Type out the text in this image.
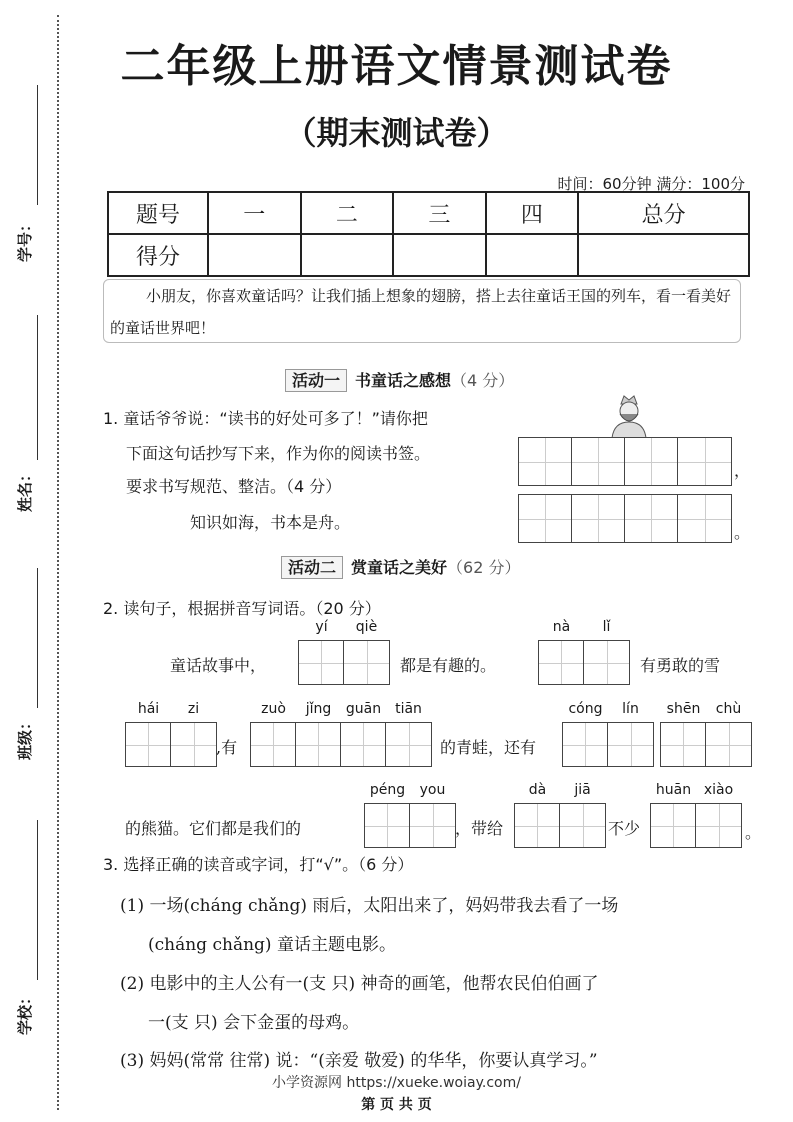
学号：
姓名：
班级：
学校：
二年级上册语文情景测试卷
（期末测试卷）
时间：60分钟 满分：100分
题号	一	二	三	四	总分
得分					
小朋友，你喜欢童话吗？让我们插上想象的翅膀，搭上去往童话王国的列车，看一看美好的童话世界吧！
活动一 书童话之感想（4 分）
1. 童话爷爷说：“读书的好处可多了！”请你把
下面这句话抄写下来，作为你的阅读书签。
要求书写规范、整洁。（4 分）
知识如海，书本是舟。
，
。
活动二 赏童话之美好（62 分）
2. 读句子，根据拼音写词语。（20 分）
童话故事中，	都是有趣的。	有勇敢的雪
,有	的青蛙，还有
的熊猫。它们都是我们的	，带给	不少	。
yí	qiè	nà	lǐ
hái	zi	zuò	jǐng	guān tiān	cóng	lín	shēn	chù
péng	you	dà	jiā	huān xiào
3. 选择正确的读音或字词，打“√”。（6 分）
(1) 一场(cháng chǎng) 雨后，太阳出来了，妈妈带我去看了一场
(cháng chǎng) 童话主题电影。
(2) 电影中的主人公有一(支 只) 神奇的画笔，他帮农民伯伯画了
一(支 只) 会下金蛋的母鸡。
(3) 妈妈(常常 往常) 说：“(亲爱 敬爱) 的华华，你要认真学习。”
小学资源网 https://xueke.woiay.com/
第 页 共 页
